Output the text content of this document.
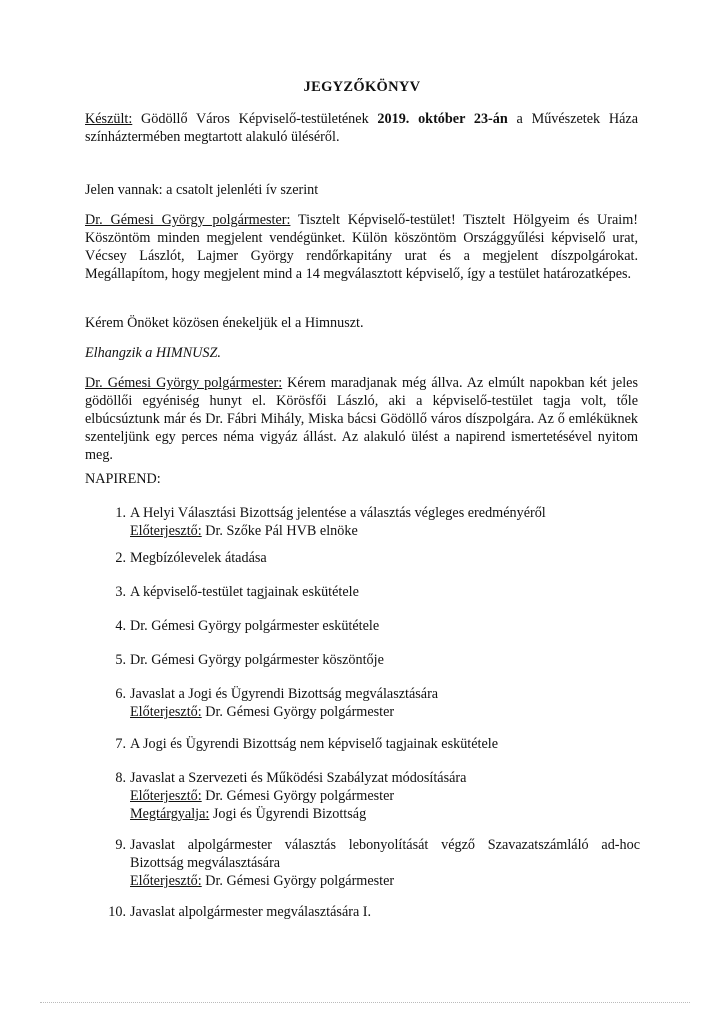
JEGYZŐKÖNYV
Készült: Gödöllő Város Képviselő-testületének 2019. október 23-án a Művészetek Háza színháztermében megtartott alakuló üléséről.
Jelen vannak: a csatolt jelenléti ív szerint
Dr. Gémesi György polgármester: Tisztelt Képviselő-testület! Tisztelt Hölgyeim és Uraim! Köszöntöm minden megjelent vendégünket. Külön köszöntöm Országgyűlési képviselő urat, Vécsey Lászlót, Lajmer György rendőrkapitány urat és a megjelent díszpolgárokat. Megállapítom, hogy megjelent mind a 14 megválasztott képviselő, így a testület határozatképes.
Kérem Önöket közösen énekeljük el a Himnuszt.
Elhangzik a HIMNUSZ.
Dr. Gémesi György polgármester: Kérem maradjanak még állva. Az elmúlt napokban két jeles gödöllői egyéniség hunyt el. Körösfői László, aki a képviselő-testület tagja volt, tőle elbúcsúztunk már és Dr. Fábri Mihály, Miska bácsi Gödöllő város díszpolgára. Az ő emléküknek szenteljünk egy perces néma vigyáz állást. Az alakuló ülést a napirend ismertetésével nyitom meg.
NAPIREND:
1. A Helyi Választási Bizottság jelentése a választás végleges eredményéről
Előterjesztő: Dr. Szőke Pál HVB elnöke
2. Megbízólevelek átadása
3. A képviselő-testület tagjainak eskütétele
4. Dr. Gémesi György polgármester eskütétele
5. Dr. Gémesi György polgármester köszöntője
6. Javaslat a Jogi és Ügyrendi Bizottság megválasztására
Előterjesztő: Dr. Gémesi György polgármester
7. A Jogi és Ügyrendi Bizottság nem képviselő tagjainak eskütétele
8. Javaslat a Szervezeti és Működési Szabályzat módosítására
Előterjesztő: Dr. Gémesi György polgármester
Megtárgyalja: Jogi és Ügyrendi Bizottság
9. Javaslat alpolgármester választás lebonyolítását végző Szavazatszámláló ad-hoc Bizottság megválasztására
Előterjesztő: Dr. Gémesi György polgármester
10. Javaslat alpolgármester megválasztására I.
